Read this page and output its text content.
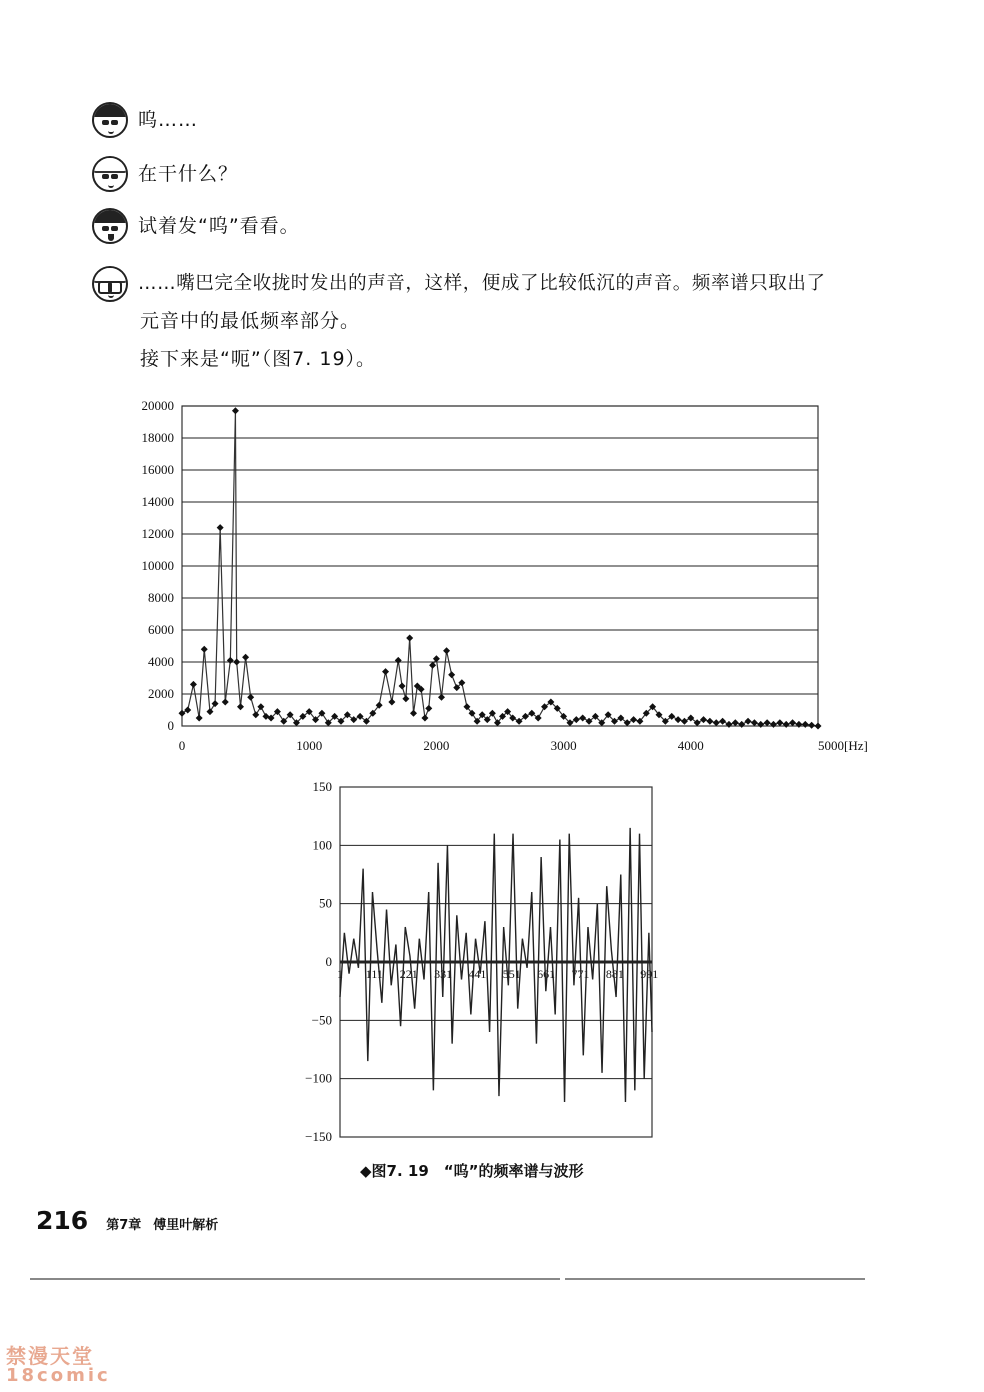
呜……
在干什么？
试着发“呜”看看。
……嘴巴完全收拢时发出的声音，这样，便成了比较低沉的声音。频率谱只取出了
元音中的最低频率部分。
接下来是“呃”（图7. 19）。
0
2000
4000
6000
8000
10000
12000
14000
16000
18000
20000
0	1000	2000	3000	4000	5000[Hz]
−150
−100
−50
0
50
100
150
1 111 221 331 441 551 661 771 881 991
◆图7. 19　“呜”的频率谱与波形
216 第7章 傅里叶解析
禁漫天堂
18comic
